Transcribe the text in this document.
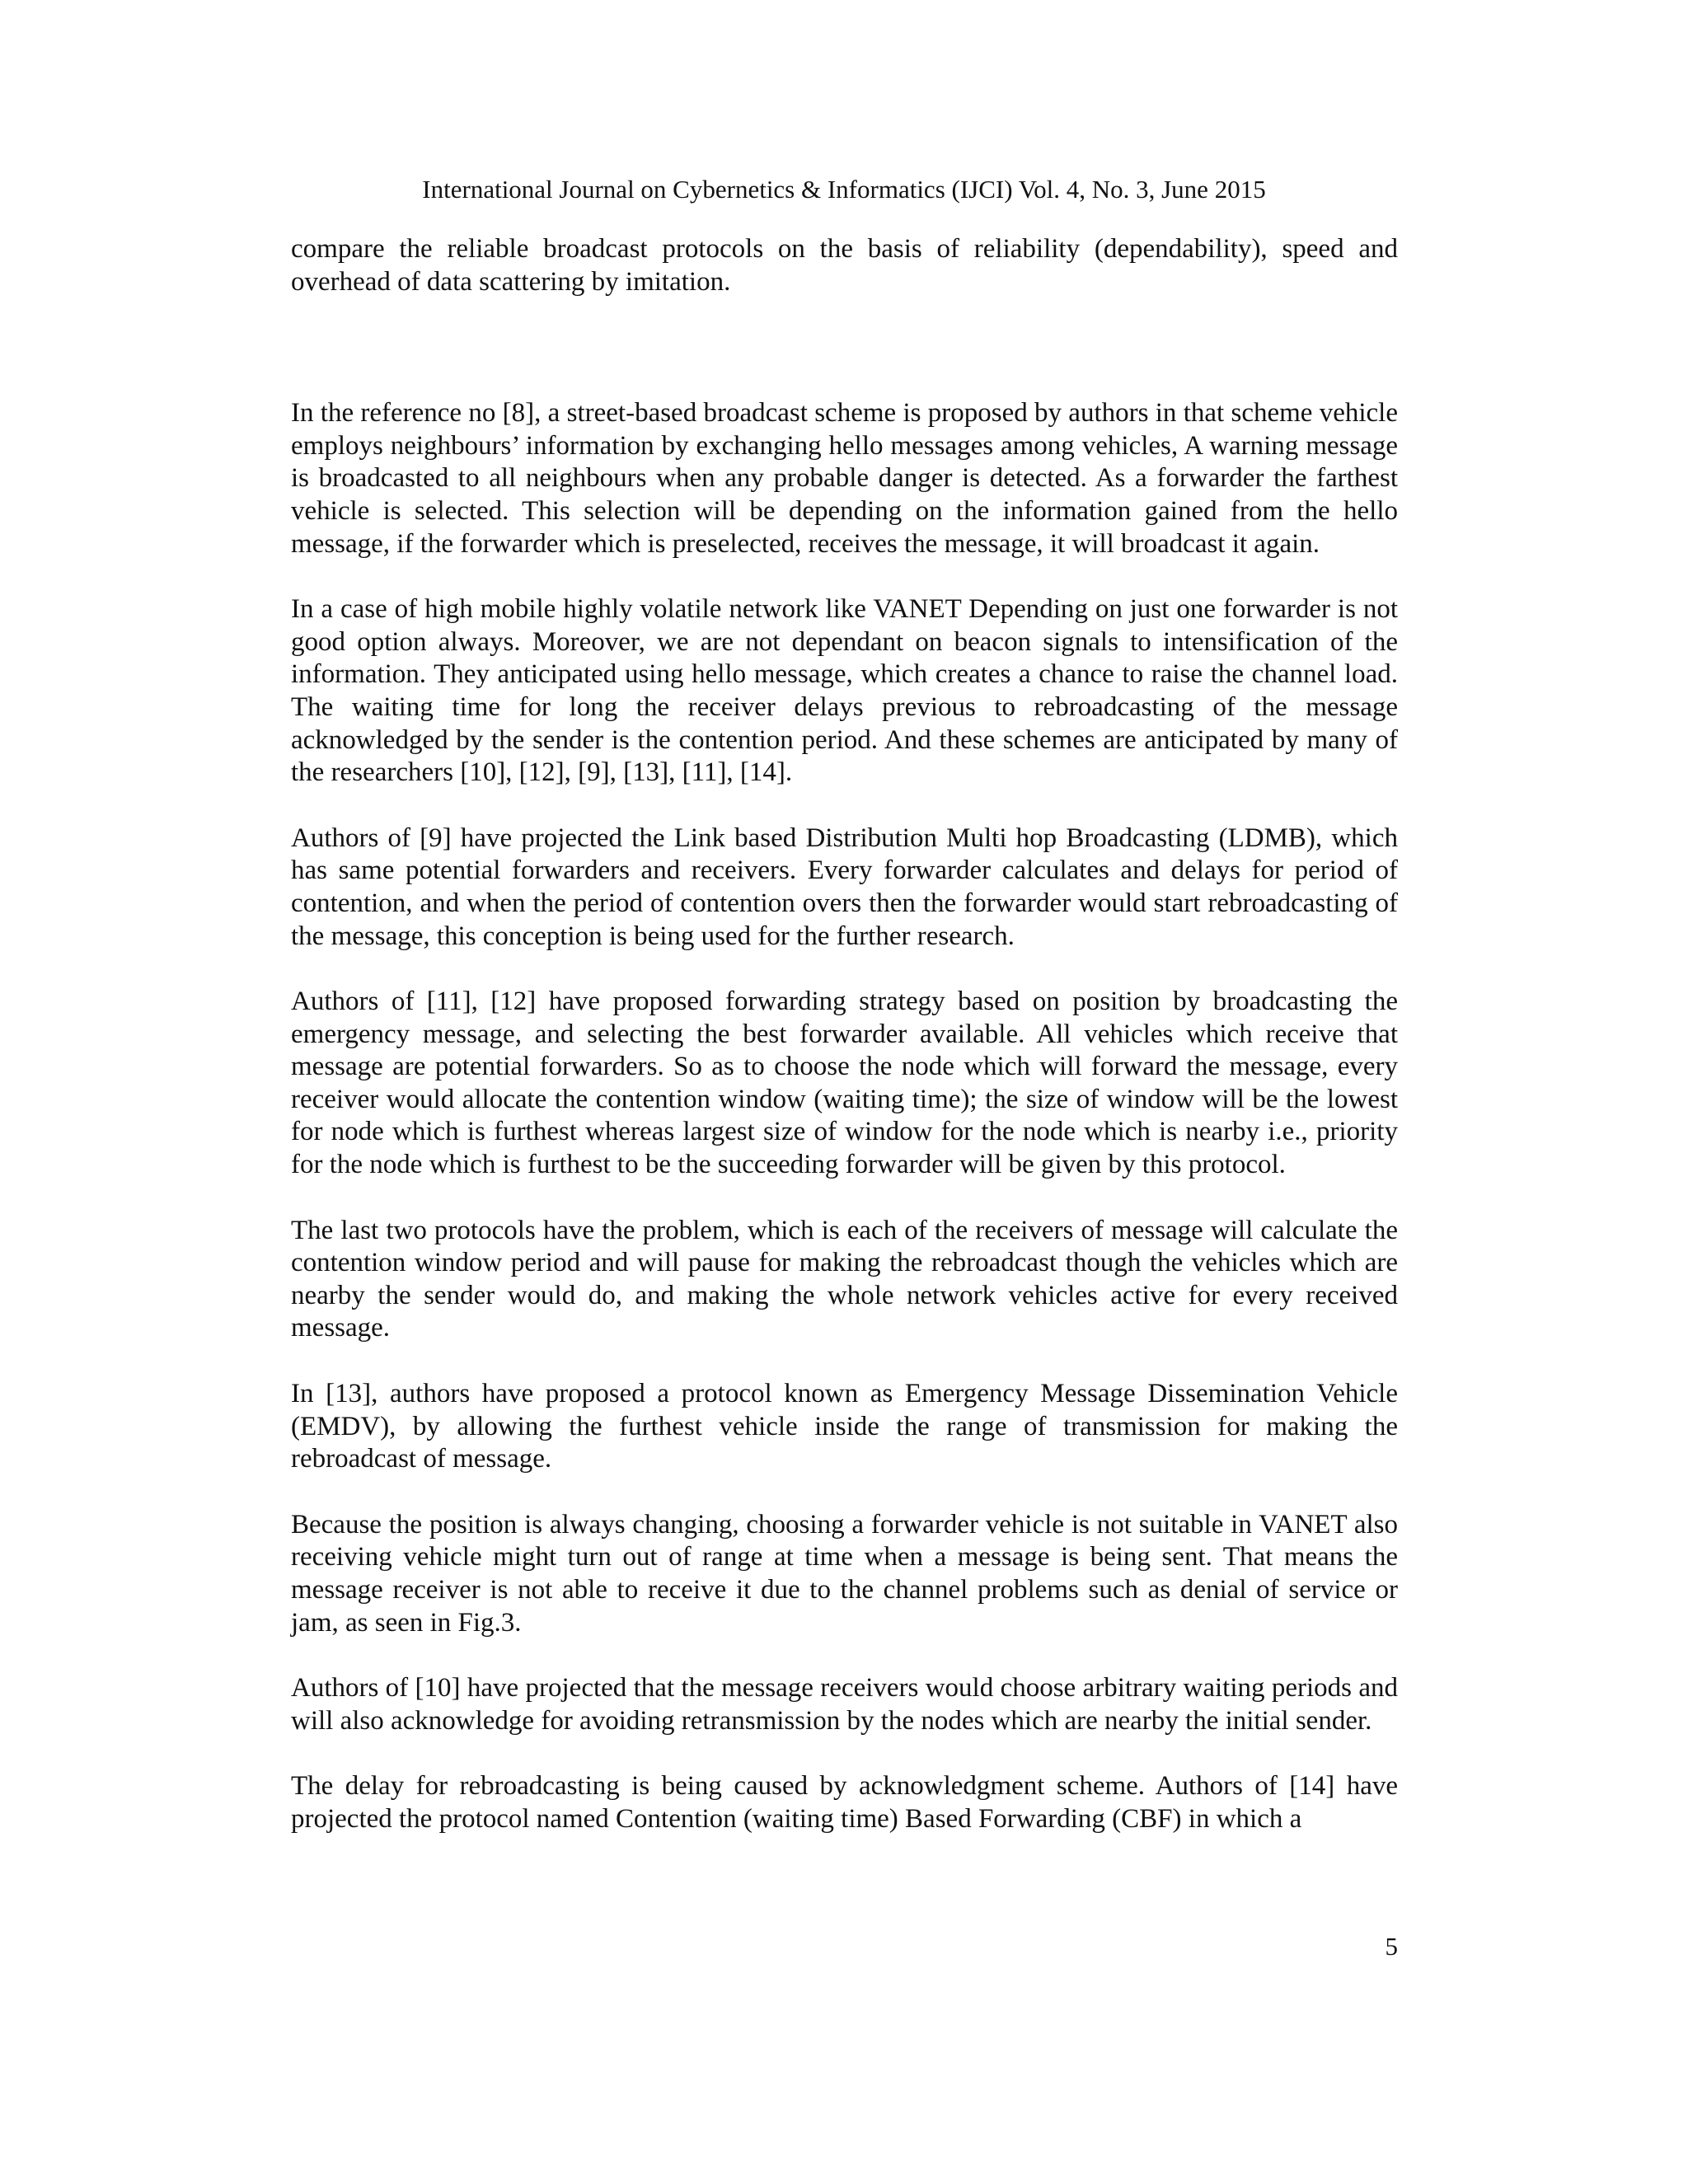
International Journal on Cybernetics & Informatics (IJCI) Vol. 4, No. 3, June 2015

compare the reliable broadcast protocols on the basis of reliability (dependability), speed and overhead of data scattering by imitation.

In the reference no [8], a street-based broadcast scheme is proposed by authors in that scheme vehicle employs neighbours’ information by exchanging hello messages among vehicles, A warning message is broadcasted to all neighbours when any probable danger is detected. As a forwarder the farthest vehicle is selected. This selection will be depending on the information gained from the hello message, if the forwarder which is preselected, receives the message, it will broadcast it again.

In a case of high mobile highly volatile network like VANET Depending on just one forwarder is not good option always. Moreover, we are not dependant on beacon signals to intensification of the information. They anticipated using hello message, which creates a chance to raise the channel load. The waiting time for long the receiver delays previous to rebroadcasting of the message acknowledged by the sender is the contention period. And these schemes are anticipated by many of the researchers [10], [12], [9], [13], [11], [14].

Authors of [9] have projected the Link based Distribution Multi hop Broadcasting (LDMB), which has same potential forwarders and receivers. Every forwarder calculates and delays for period of contention, and when the period of contention overs then the forwarder would start rebroadcasting of the message, this conception is being used for the further research.

Authors of [11], [12] have proposed forwarding strategy based on position by broadcasting the emergency message, and selecting the best forwarder available. All vehicles which receive that message are potential forwarders. So as to choose the node which will forward the message, every receiver would allocate the contention window (waiting time); the size of window will be the lowest for node which is furthest whereas largest size of window for the node which is nearby i.e., priority for the node which is furthest to be the succeeding forwarder will be given by this protocol.

The last two protocols have the problem, which is each of the receivers of message will calculate the contention window period and will pause for making the rebroadcast though the vehicles which are nearby the sender would do, and making the whole network vehicles active for every received message.

In [13], authors have proposed a protocol known as Emergency Message Dissemination Vehicle (EMDV), by allowing the furthest vehicle inside the range of transmission for making the rebroadcast of message.

Because the position is always changing, choosing a forwarder vehicle is not suitable in VANET also receiving vehicle might turn out of range at time when a message is being sent. That means the message receiver is not able to receive it due to the channel problems such as denial of service or jam, as seen in Fig.3.

Authors of [10] have projected that the message receivers would choose arbitrary waiting periods and will also acknowledge for avoiding retransmission by the nodes which are nearby the initial sender.

The delay for rebroadcasting is being caused by acknowledgment scheme. Authors of [14] have projected the protocol named Contention (waiting time) Based Forwarding (CBF) in which a

5
